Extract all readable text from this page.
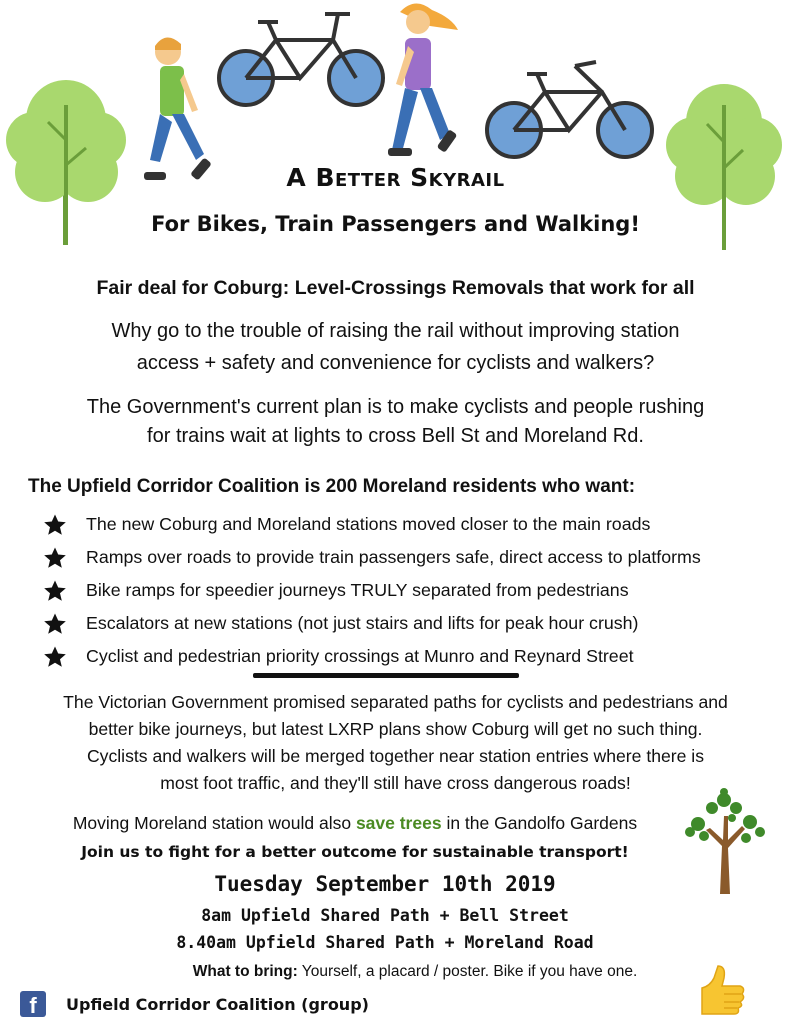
A Better Skyrail
For Bikes, Train Passengers and Walking!
Fair deal for Coburg: Level-Crossings Removals that work for all
Why go to the trouble of raising the rail without improving station
access + safety and convenience for cyclists and walkers?
The Government's current plan is to make cyclists and people rushing
for trains wait at lights to cross Bell St and Moreland Rd.
The Upfield Corridor Coalition is 200 Moreland residents who want:
The new Coburg and Moreland stations moved closer to the main roads
Ramps over roads to provide train passengers safe, direct access to platforms
Bike ramps for speedier journeys TRULY separated from pedestrians
Escalators at new stations (not just stairs and lifts for peak hour crush)
Cyclist and pedestrian priority crossings at Munro and Reynard Street
The Victorian Government promised separated paths for cyclists and pedestrians and
better bike journeys, but latest LXRP plans show Coburg will get no such thing.
Cyclists and walkers will be merged together near station entries where there is
most foot traffic, and they'll still have cross dangerous roads!
Moving Moreland station would also save trees in the Gandolfo Gardens
Join us to fight for a better outcome for sustainable transport!
Tuesday September 10th 2019
8am Upfield Shared Path + Bell Street
8.40am Upfield Shared Path + Moreland Road
What to bring: Yourself, a placard / poster. Bike if you have one.
f	Upfield Corridor Coalition (group)
